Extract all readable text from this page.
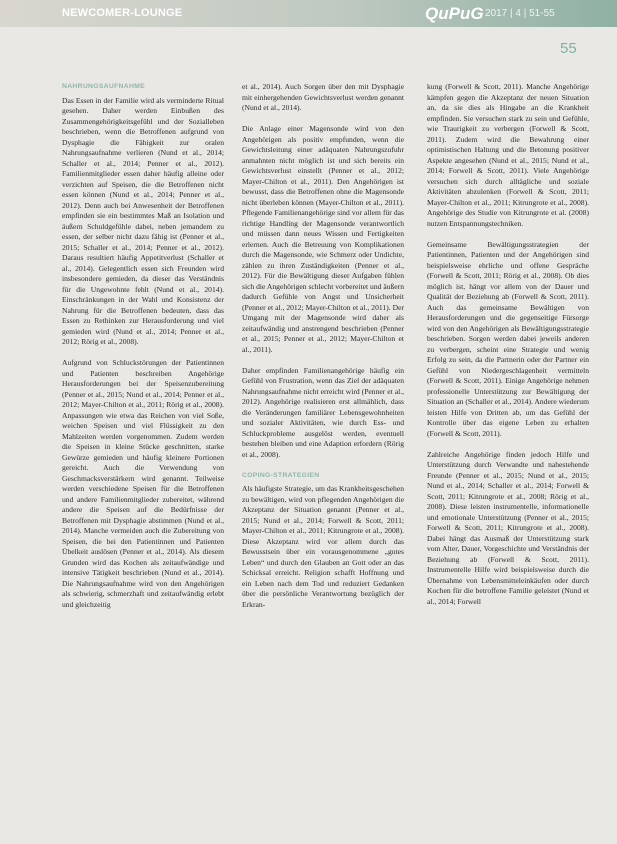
NEWCOMER-LOUNGE	QuPuG 2017 | 4 | 51-55
55
NAHRUNGSAUFNAHME

Das Essen in der Familie wird als verminderte Ritual gesehen. Daher werden Einbußen des Zusammengehörigkeitsgefühl und der Sozialleben beschrieben, wenn die Betroffenen aufgrund von Dysphagie die Fähigkeit zur oralen Nahrungsaufnahme verlieren (Nund et al., 2014; Schaller et al., 2014; Penner et al., 2012). Familienmitglieder essen daher häufig alleine oder verzichten auf Speisen, die die Betroffenen nicht essen können (Nund et al., 2014; Penner et al., 2012). Denn auch bei Anwesenheit der Betroffenen empfinden sie ein bestimmtes Maß an Isolation und äußern Schuldgefühle dabei, neben jemandem zu essen, der selber nicht dazu fähig ist (Penner et al., 2015; Schaller et al., 2014; Penner et al., 2012). Daraus resultiert häufig Appetitverlust (Schaller et al., 2014). Gelegentlich essen sich Freunden wird insbesondere gemieden, da dieser das Verständnis für die Ungewohnte fehlt (Nund et al., 2014). Einschränkungen in der Wahl und Konsistenz der Nahrung für die Betroffenen bedeuten, dass das Essen zu Rethinken zur Herausforderung und viel gemieden wird (Nund et al., 2014; Penner et al., 2012; Rörig et al., 2008).

Aufgrund von Schluckstörungen der Patientinnen und Patienten beschreiben Angehörige Herausforderungen bei der Speisenzubereitung (Penner et al., 2015; Nund et al., 2014; Penner et al., 2012; Mayer-Chilton et al., 2011; Rörig et al., 2008). Anpassungen wie etwa das Reichen von viel Soße, weichen Speisen und viel Flüssigkeit zu den Mahlzeiten werden vorgenommen. Zudem werden die Speisen in kleine Stücke geschnitten, starke Gewürze gemieden und häufig kleinere Portionen gereicht. Auch die Verwendung von Geschmacksverstärkern wird genannt. Teilweise werden verschiedene Speisen für die Betroffenen und andere Familienmitglieder zubereitet, während andere die Speisen auf die Bedürfnisse der Betroffenen mit Dysphagie abstimmen (Nund et al., 2014). Manche vermeiden auch die Zubereitung von Speisen, die bei den Patientinnen und Patienten Übelkeit auslösen (Penner et al., 2014). Als diesem Grunden wird das Kochen als zeitaufwändige und intensive Tätigkeit beschrieben (Nund et al., 2014). Die Nahrungsaufnahme wird von den Angehörigen als schwierig, schmerzhaft und zeitaufwändig erlebt und gleichzeitig

et al., 2014). Auch Sorgen über den mit Dysphagie mit einhergehenden Gewichtsverlust werden genannt (Nund et al., 2014).

Die Anlage einer Magensonde wird von den Angehörigen als positiv empfunden, wenn die Gewichtsleitung einer adäquaten Nahrungszufuhr anmahnten nicht möglich ist und sich bereits ein Gewichtsverlust einstellt (Penner et al., 2012; Mayer-Chilton et al., 2011). Den Angehörigen ist bewusst, dass die Betroffenen ohne die Magensonde nicht überleben können (Mayer-Chilton et al., 2011). Pflegende Familienangehörige sind vor allem für das richtige Handling der Magensonde verantwortlich und müssen dann neues Wissen und Fertigkeiten erlernen. Auch die Betreuung von Komplikationen durch die Magensonde, wie Schmerz oder Undichte, zählen zu ihren Zuständigkeiten (Penner et al., 2012). Für die Bewältigung dieser Aufgaben fühlen sich die Angehörigen schlecht vorbereitet und äußern dadurch Gefühle von Angst und Unsicherheit (Penner et al., 2012; Mayer-Chilton et al., 2011). Der Umgang mit der Magensonde wird daher als zeitaufwändig und anstrengend beschrieben (Penner et al., 2015; Penner et al., 2012; Mayer-Chilton et al., 2011).

Daher empfinden Familienangehörige häufig ein Gefühl von Frustration, wenn das Ziel der adäquaten Nahrungsaufnahme nicht erreicht wird (Penner et al., 2012). Angehörige realisieren erst allmählich, dass die Veränderungen familiärer Lebensgewohnheiten und sozialer Aktivitäten, wie durch Ess- und Schluckprobleme ausgelöst werden, eventuell bestehen bleiben und eine Adaption erfordern (Rörig et al., 2008).

COPING-STRATEGIEN

Als häufigste Strategie, um das Krankheitsgeschehen zu bewältigen, wird von pflegenden Angehörigen die Akzeptanz der Situation genannt (Penner et al., 2015; Nund et al., 2014; Forwell & Scott, 2011; Mayer-Chilton et al., 2011; Kitrungrote et al., 2008). Diese Akzeptanz wird vor allem durch das Bewusstsein über ein vorausgenommene „gutes Leben“ und durch den Glauben an Gott oder an das Schicksal erreicht. Religion schafft Hoffnung und ein Leben nach dem Tod und reduziert Gedanken über die persönliche Verantwortung bezüglich der Erkran-

kung (Forwell & Scott, 2011). Manche Angehörige kämpfen gegen die Akzeptanz der neuen Situation an, da sie dies als Hingabe an die Krankheit empfinden. Sie versuchen stark zu sein und Gefühle, wie Traurigkeit zu verbergen (Forwell & Scott, 2011). Zudem wird die Bewahrung einer optimistischen Haltung und die Betonung positiver Aspekte angesehen (Nund et al., 2015; Nund et al., 2014; Forwell & Scott, 2011). Viele Angehörige versuchen sich durch alltägliche und soziale Aktivitäten abzulenken (Forwell & Scott, 2011; Mayer-Chilton et al., 2011; Kitrungrote et al., 2008). Angehörige des Studie von Kitrungrote et al. (2008) nutzen Entspannungstechniken.

Gemeinsame Bewältigungsstrategien der Patientinnen, Patienten und der Angehörigen sind beispielsweise ehrliche und offene Gespräche (Forwell & Scott, 2011; Rörig et al., 2008). Ob dies möglich ist, hängt vor allem von der Dauer und Qualität der Beziehung ab (Forwell & Scott, 2011). Auch das gemeinsame Bewältigen von Herausforderungen und die gegenseitige Fürsorge wird von den Angehörigen als Bewältigungsstrategie beschrieben. Sorgen werden dabei jeweils anderen zu verbergen, scheint eine Strategie und wenig Erfolg zu sein, da die Partnerin oder der Partner ein Gefühl von Niedergeschlagenheit vermitteln (Forwell & Scott, 2011). Einige Angehörige nehmen professionelle Unterstützung zur Bewältigung der Situation an (Schaller et al., 2014). Andere wiederum leisten Hilfe von Dritten ab, um das Gefühl der Kontrolle über das eigene Leben zu erhalten (Forwell & Scott, 2011).

Zahlreiche Angehörige finden jedoch Hilfe und Unterstützung durch Verwandte und nahestehende Freunde (Penner et al., 2015; Nund et al., 2015; Nund et al., 2014; Schaller et al., 2014; Forwell & Scott, 2011; Kitrungrote et al., 2008; Rörig et al., 2008). Diese leisten instrumentelle, informationelle und emotionale Unterstützung (Penner et al., 2015; Forwell & Scott, 2011; Kitrungrote et al., 2008). Dabei hängt das Ausmaß der Unterstützung stark vom Alter, Dauer, Vorgeschichte und Verständnis der Beziehung ab (Forwell & Scott, 2011). Instrumentelle Hilfe wird beispielsweise durch die Übernahme von Lebensmitteleinkäufen oder durch Kochen für die betroffene Familie geleistet (Nund et al., 2014; Forwell
